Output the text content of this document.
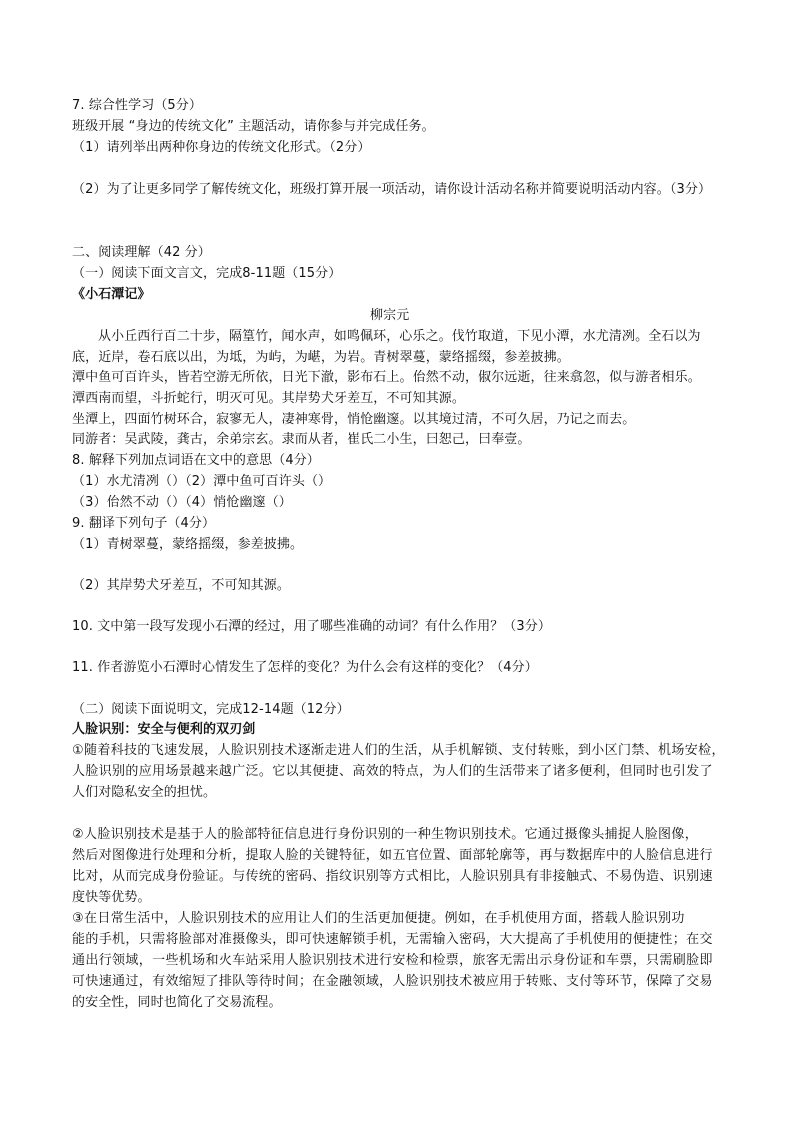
7. 综合性学习（5分）
班级开展 “身边的传统文化” 主题活动，请你参与并完成任务。
（1）请列举出两种你身边的传统文化形式。（2分）
（2）为了让更多同学了解传统文化，班级打算开展一项活动，请你设计活动名称并简要说明活动内容。（3分）
二、阅读理解（42 分）
（一）阅读下面文言文，完成8-11题（15分）
《小石潭记》
柳宗元
从小丘西行百二十步，隔篁竹，闻水声，如鸣佩环，心乐之。伐竹取道，下见小潭，水尤清冽。全石以为
底，近岸，卷石底以出，为坻，为屿，为嵁，为岩。青树翠蔓，蒙络摇缀，参差披拂。
潭中鱼可百许头，皆若空游无所依，日光下澈，影布石上。佁然不动，俶尔远逝，往来翕忽，似与游者相乐。
潭西南而望，斗折蛇行，明灭可见。其岸势犬牙差互，不可知其源。
坐潭上，四面竹树环合，寂寥无人，凄神寒骨，悄怆幽邃。以其境过清，不可久居，乃记之而去。
同游者：吴武陵，龚古，余弟宗玄。隶而从者，崔氏二小生，曰恕己，曰奉壹。
8. 解释下列加点词语在文中的意思（4分）
（1）水尤清冽（）（2）潭中鱼可百许头（）
（3）佁然不动（）（4）悄怆幽邃（）
9. 翻译下列句子（4分）
（1）青树翠蔓，蒙络摇缀，参差披拂。
（2）其岸势犬牙差互，不可知其源。
10. 文中第一段写发现小石潭的经过，用了哪些准确的动词？有什么作用？（3分）
11. 作者游览小石潭时心情发生了怎样的变化？为什么会有这样的变化？（4分）
（二）阅读下面说明文，完成12-14题（12分）
人脸识别：安全与便利的双刃剑
①随着科技的飞速发展，人脸识别技术逐渐走进人们的生活，从手机解锁、支付转账，到小区门禁、机场安检，
人脸识别的应用场景越来越广泛。它以其便捷、高效的特点，为人们的生活带来了诸多便利，但同时也引发了
人们对隐私安全的担忧。
②人脸识别技术是基于人的脸部特征信息进行身份识别的一种生物识别技术。它通过摄像头捕捉人脸图像，
然后对图像进行处理和分析，提取人脸的关键特征，如五官位置、面部轮廓等，再与数据库中的人脸信息进行
比对，从而完成身份验证。与传统的密码、指纹识别等方式相比，人脸识别具有非接触式、不易伪造、识别速
度快等优势。
③在日常生活中，人脸识别技术的应用让人们的生活更加便捷。例如，在手机使用方面，搭载人脸识别功
能的手机，只需将脸部对准摄像头，即可快速解锁手机，无需输入密码，大大提高了手机使用的便捷性；在交
通出行领域，一些机场和火车站采用人脸识别技术进行安检和检票，旅客无需出示身份证和车票，只需刷脸即
可快速通过，有效缩短了排队等待时间；在金融领域，人脸识别技术被应用于转账、支付等环节，保障了交易
的安全性，同时也简化了交易流程。
